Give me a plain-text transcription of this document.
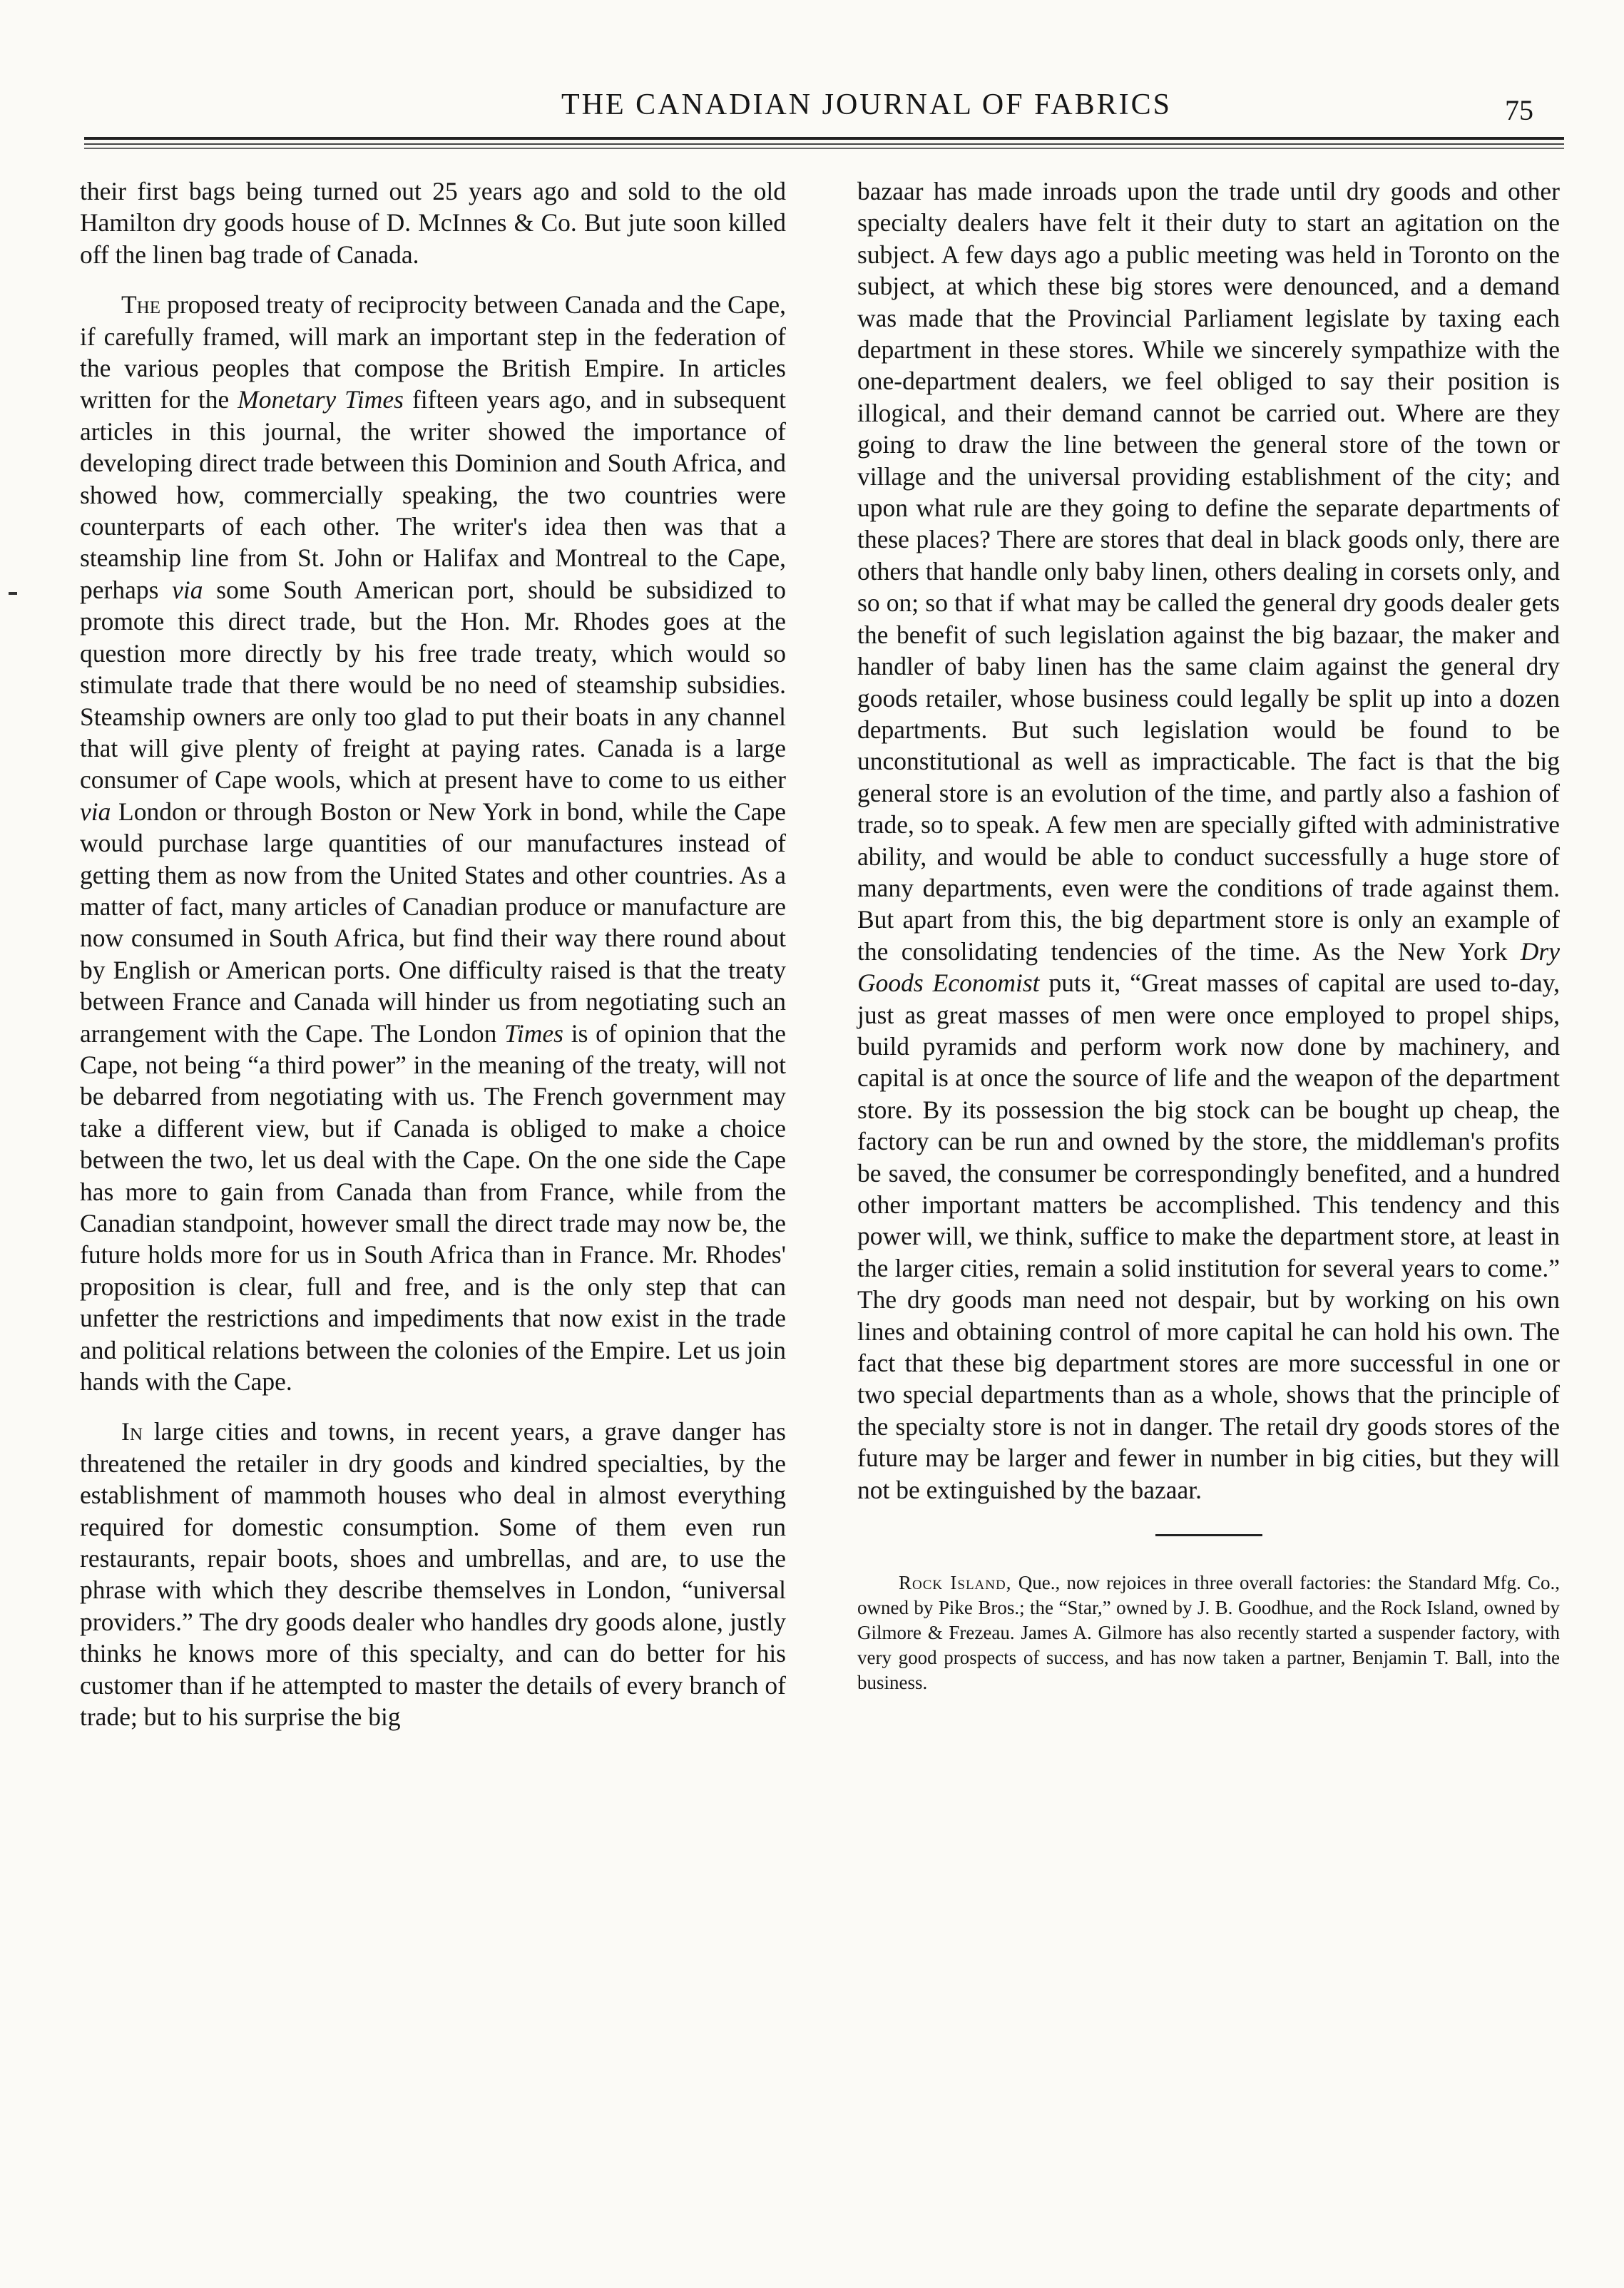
THE CANADIAN JOURNAL OF FABRICS	75

their first bags being turned out 25 years ago and sold to the old Hamilton dry goods house of D. McInnes & Co. But jute soon killed off the linen bag trade of Canada.

The proposed treaty of reciprocity between Canada and the Cape, if carefully framed, will mark an important step in the federation of the various peoples that compose the British Empire. In articles written for the Monetary Times fifteen years ago, and in subsequent articles in this journal, the writer showed the importance of developing direct trade between this Dominion and South Africa, and showed how, commercially speaking, the two countries were counterparts of each other. The writer's idea then was that a steamship line from St. John or Halifax and Montreal to the Cape, perhaps via some South American port, should be subsidized to promote this direct trade, but the Hon. Mr. Rhodes goes at the question more directly by his free trade treaty, which would so stimulate trade that there would be no need of steamship subsidies. Steamship owners are only too glad to put their boats in any channel that will give plenty of freight at paying rates. Canada is a large consumer of Cape wools, which at present have to come to us either via London or through Boston or New York in bond, while the Cape would purchase large quantities of our manufactures instead of getting them as now from the United States and other countries. As a matter of fact, many articles of Canadian produce or manufacture are now consumed in South Africa, but find their way there round about by English or American ports. One difficulty raised is that the treaty between France and Canada will hinder us from negotiating such an arrangement with the Cape. The London Times is of opinion that the Cape, not being “a third power” in the meaning of the treaty, will not be debarred from negotiating with us. The French government may take a different view, but if Canada is obliged to make a choice between the two, let us deal with the Cape. On the one side the Cape has more to gain from Canada than from France, while from the Canadian standpoint, however small the direct trade may now be, the future holds more for us in South Africa than in France. Mr. Rhodes' proposition is clear, full and free, and is the only step that can unfetter the restrictions and impediments that now exist in the trade and political relations between the colonies of the Empire. Let us join hands with the Cape.

In large cities and towns, in recent years, a grave danger has threatened the retailer in dry goods and kindred specialties, by the establishment of mammoth houses who deal in almost everything required for domestic consumption. Some of them even run restaurants, repair boots, shoes and umbrellas, and are, to use the phrase with which they describe themselves in London, “universal providers.” The dry goods dealer who handles dry goods alone, justly thinks he knows more of this specialty, and can do better for his customer than if he attempted to master the details of every branch of trade; but to his surprise the big

bazaar has made inroads upon the trade until dry goods and other specialty dealers have felt it their duty to start an agitation on the subject. A few days ago a public meeting was held in Toronto on the subject, at which these big stores were denounced, and a demand was made that the Provincial Parliament legislate by taxing each department in these stores. While we sincerely sympathize with the one-department dealers, we feel obliged to say their position is illogical, and their demand cannot be carried out. Where are they going to draw the line between the general store of the town or village and the universal providing establishment of the city; and upon what rule are they going to define the separate departments of these places? There are stores that deal in black goods only, there are others that handle only baby linen, others dealing in corsets only, and so on; so that if what may be called the general dry goods dealer gets the benefit of such legislation against the big bazaar, the maker and handler of baby linen has the same claim against the general dry goods retailer, whose business could legally be split up into a dozen departments. But such legislation would be found to be unconstitutional as well as impracticable. The fact is that the big general store is an evolution of the time, and partly also a fashion of trade, so to speak. A few men are specially gifted with administrative ability, and would be able to conduct successfully a huge store of many departments, even were the conditions of trade against them. But apart from this, the big department store is only an example of the consolidating tendencies of the time. As the New York Dry Goods Economist puts it, “Great masses of capital are used to-day, just as great masses of men were once employed to propel ships, build pyramids and perform work now done by machinery, and capital is at once the source of life and the weapon of the department store. By its possession the big stock can be bought up cheap, the factory can be run and owned by the store, the middleman's profits be saved, the consumer be correspondingly benefited, and a hundred other important matters be accomplished. This tendency and this power will, we think, suffice to make the department store, at least in the larger cities, remain a solid institution for several years to come.” The dry goods man need not despair, but by working on his own lines and obtaining control of more capital he can hold his own. The fact that these big department stores are more successful in one or two special departments than as a whole, shows that the principle of the specialty store is not in danger. The retail dry goods stores of the future may be larger and fewer in number in big cities, but they will not be extinguished by the bazaar.

Rock Island, Que., now rejoices in three overall factories: the Standard Mfg. Co., owned by Pike Bros.; the “Star,” owned by J. B. Goodhue, and the Rock Island, owned by Gilmore & Frezeau. James A. Gilmore has also recently started a suspender factory, with very good prospects of success, and has now taken a partner, Benjamin T. Ball, into the business.
